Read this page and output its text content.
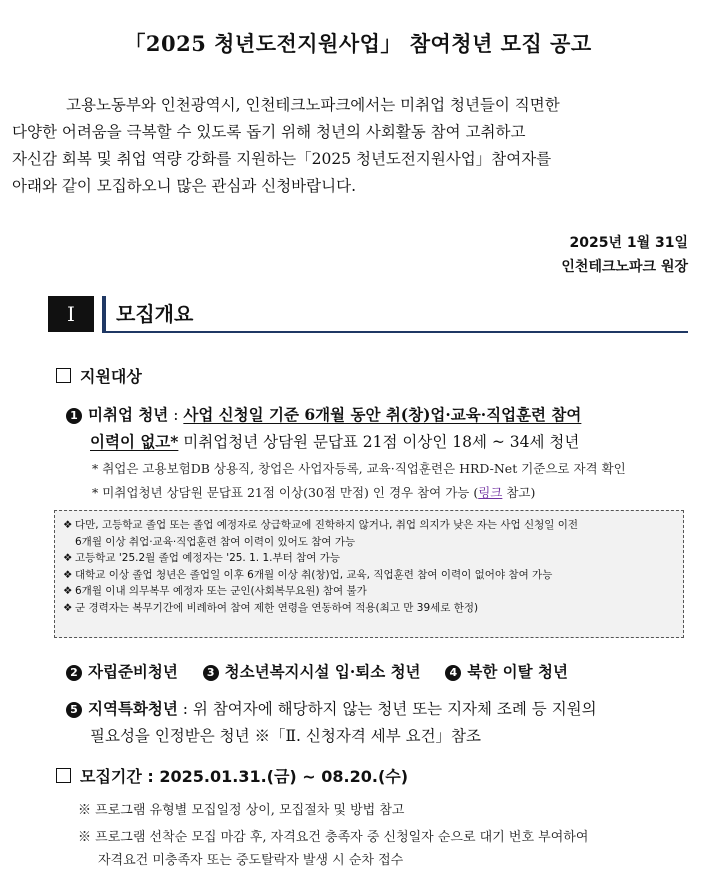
「2025 청년도전지원사업」 참여청년 모집 공고

고용노동부와 인천광역시, 인천테크노파크에서는 미취업 청년들이 직면한

다양한 어려움을 극복할 수 있도록 돕기 위해 청년의 사회활동 참여 고취하고

자신감 회복 및 취업 역량 강화를 지원하는「2025 청년도전지원사업」참여자를

아래와 같이 모집하오니 많은 관심과 신청바랍니다.

2025년 1월 31일
인천테크노파크 원장
I	모집개요
지원대상
1 미취업 청년 : 사업 신청일 기준 6개월 동안 취(창)업·교육·직업훈련 참여
이력이 없고* 미취업청년 상담원 문답표 21점 이상인 18세 ~ 34세 청년
* 취업은 고용보험DB 상용직, 창업은 사업자등록, 교육·직업훈련은 HRD-Net 기준으로 자격 확인
* 미취업청년 상담원 문답표 21점 이상(30점 만점) 인 경우 참여 가능 (링크 참고)
❖ 다만, 고등학교 졸업 또는 졸업 예정자로 상급학교에 진학하지 않거나, 취업 의지가 낮은 자는 사업 신청일 이전
6개월 이상 취업·교육·직업훈련 참여 이력이 있어도 참여 가능
❖ 고등학교 '25.2월 졸업 예정자는 '25. 1. 1.부터 참여 가능
❖ 대학교 이상 졸업 청년은 졸업일 이후 6개월 이상 취(창)업, 교육, 직업훈련 참여 이력이 없어야 참여 가능
❖ 6개월 이내 의무복무 예정자 또는 군인(사회복무요원) 참여 불가
❖ 군 경력자는 복무기간에 비례하여 참여 제한 연령을 연동하여 적용(최고 만 39세로 한정)
2 자립준비청년	3 청소년복지시설 입·퇴소 청년	4 북한 이탈 청년
5 지역특화청년 : 위 참여자에 해당하지 않는 청년 또는 지자체 조례 등 지원의
필요성을 인정받은 청년 ※「Ⅱ. 신청자격 세부 요건」참조
모집기간 : 2025.01.31.(금) ~ 08.20.(수)
※ 프로그램 유형별 모집일정 상이, 모집절차 및 방법 참고
※ 프로그램 선착순 모집 마감 후, 자격요건 충족자 중 신청일자 순으로 대기 번호 부여하여
자격요건 미충족자 또는 중도탈락자 발생 시 순차 접수
